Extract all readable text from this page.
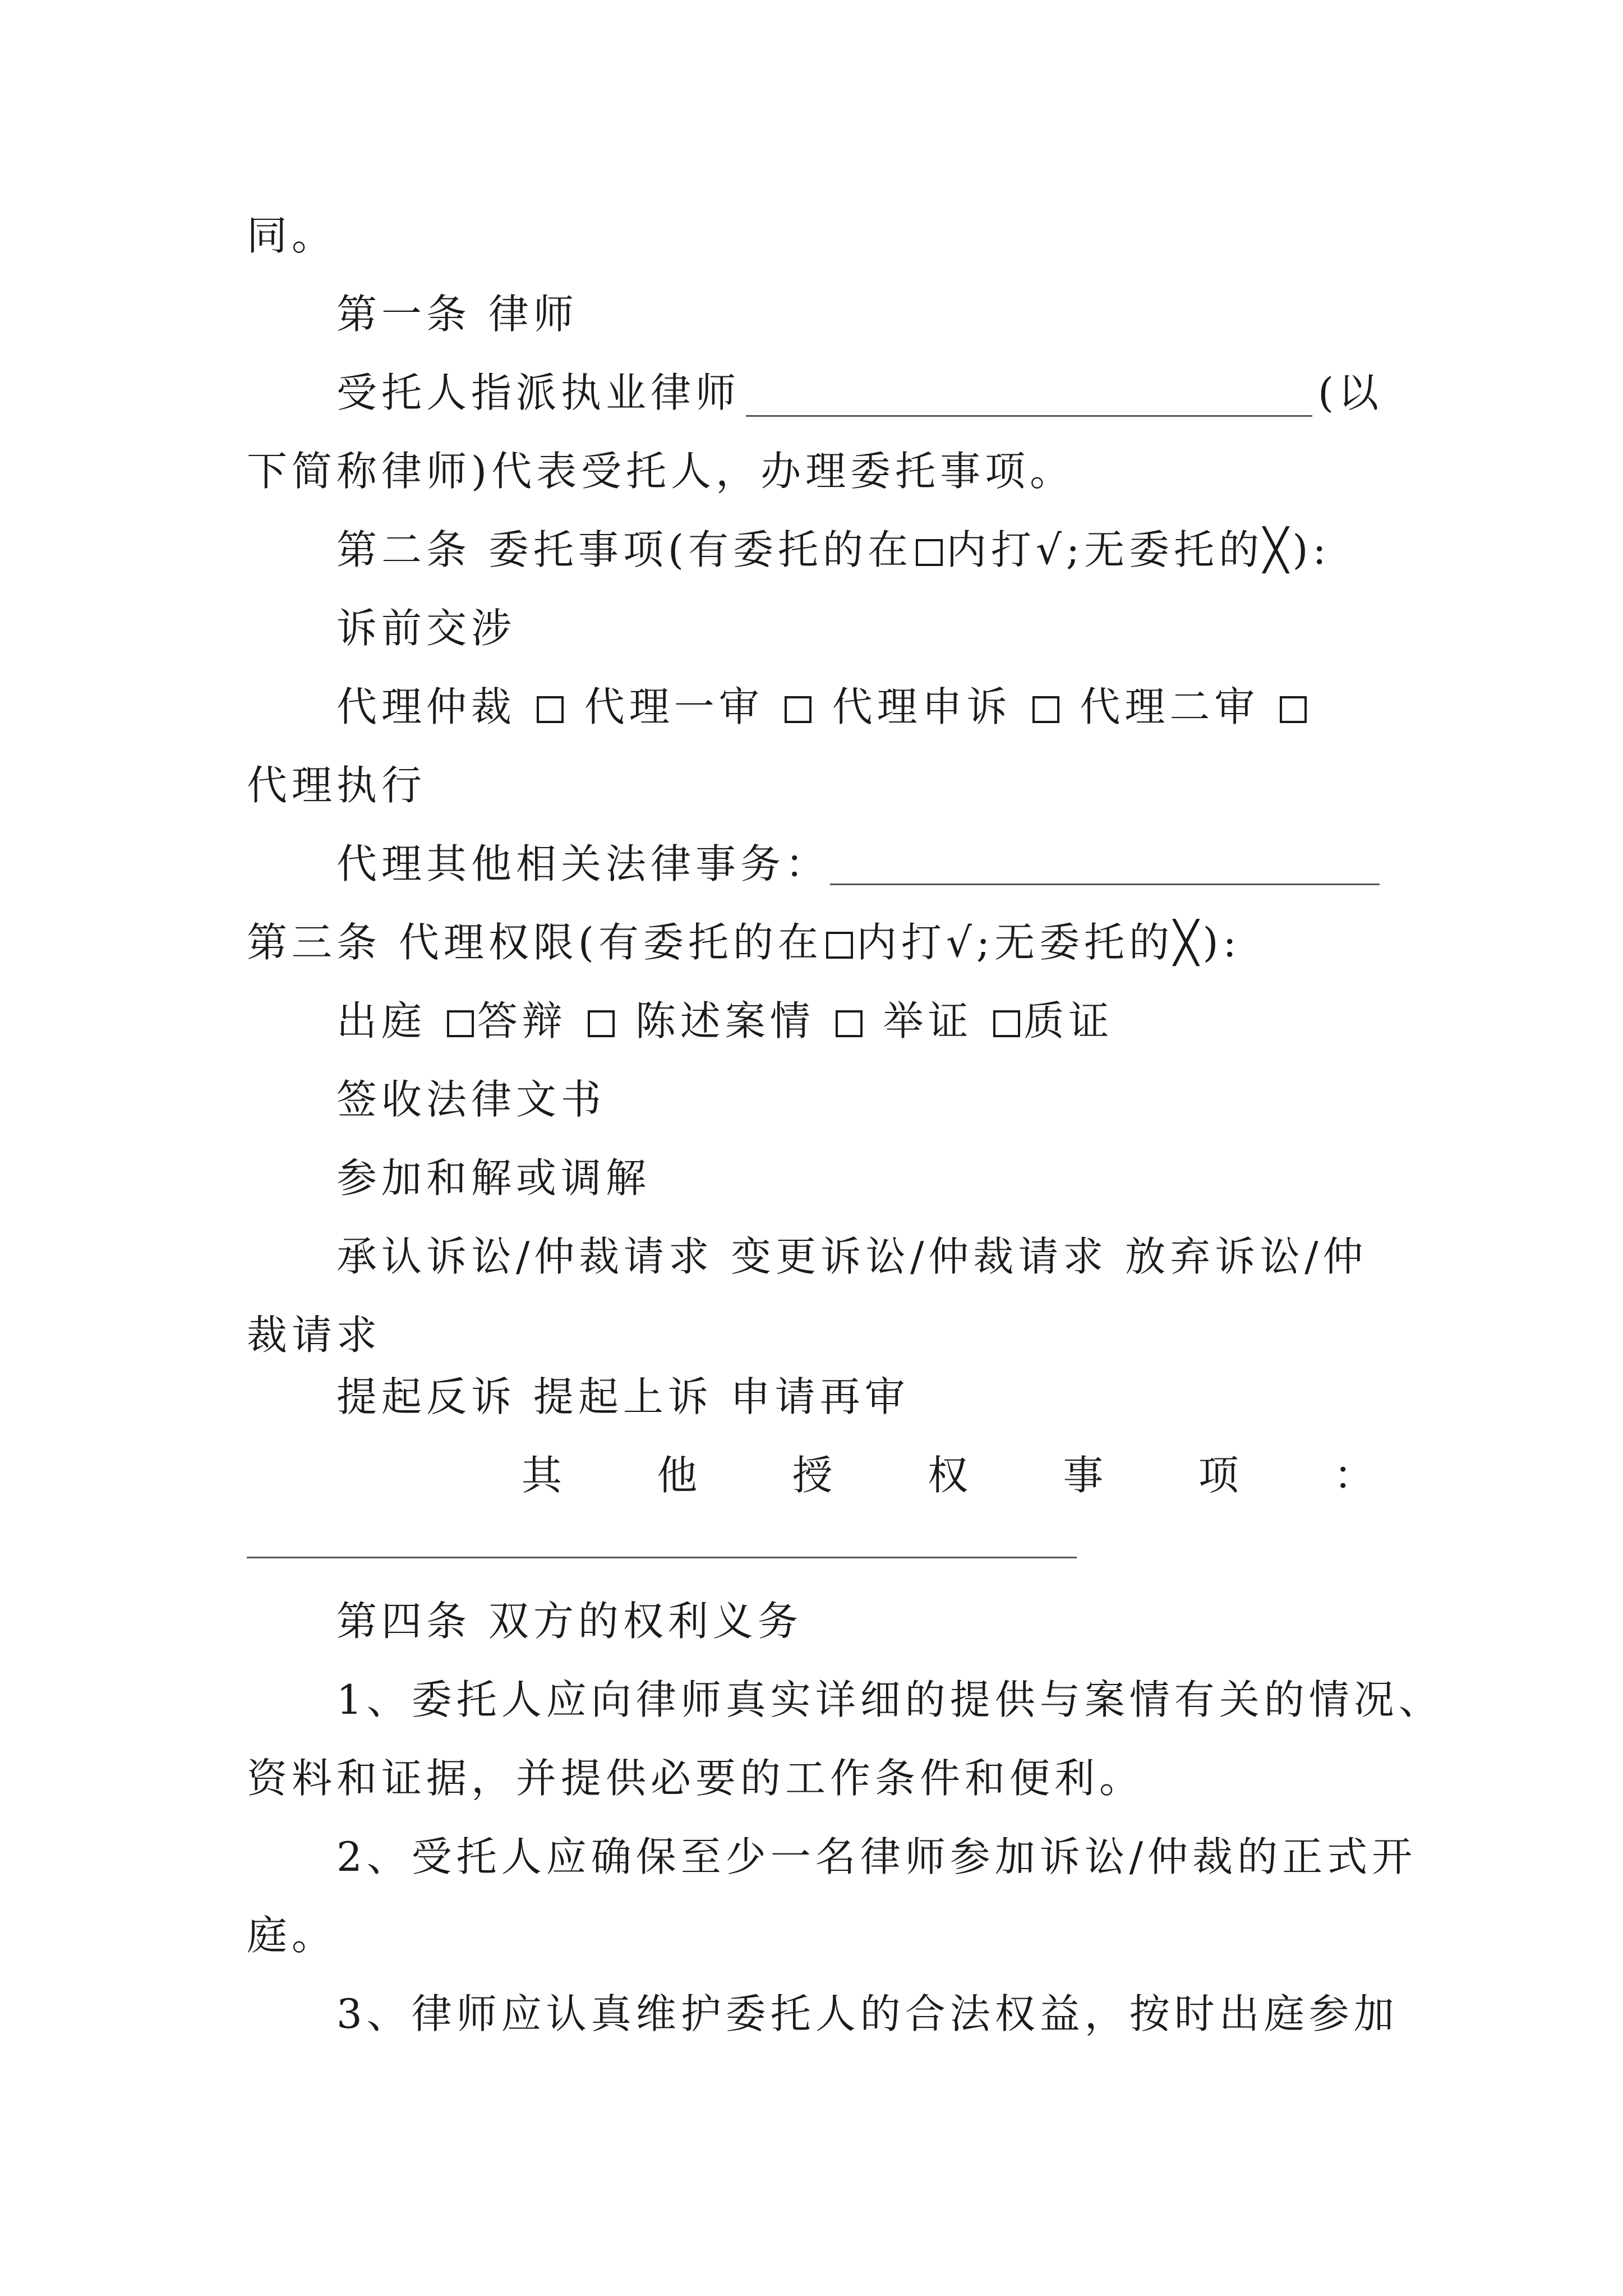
同。
第一条 律师
受托人指派执业律师	(以
下简称律师)代表受托人，办理委托事项。
第二条 委托事项(有委托的在 内打√;无委托的╳):
诉前交涉
代理仲裁 代理一审 代理申诉 代理二审
代理执行
代理其他相关法律事务：
第三条 代理权限(有委托的在 内打√;无委托的╳):
出庭 答辩 陈述案情 举证 质证
签收法律文书
参加和解或调解
承认诉讼/仲裁请求 变更诉讼/仲裁请求 放弃诉讼/仲
裁请求
提起反诉 提起上诉 申请再审
其 他 授 权 事 项 ：
第四条 双方的权利义务
1、委托人应向律师真实详细的提供与案情有关的情况、
资料和证据，并提供必要的工作条件和便利。
2、受托人应确保至少一名律师参加诉讼/仲裁的正式开
庭。
3、律师应认真维护委托人的合法权益，按时出庭参加
